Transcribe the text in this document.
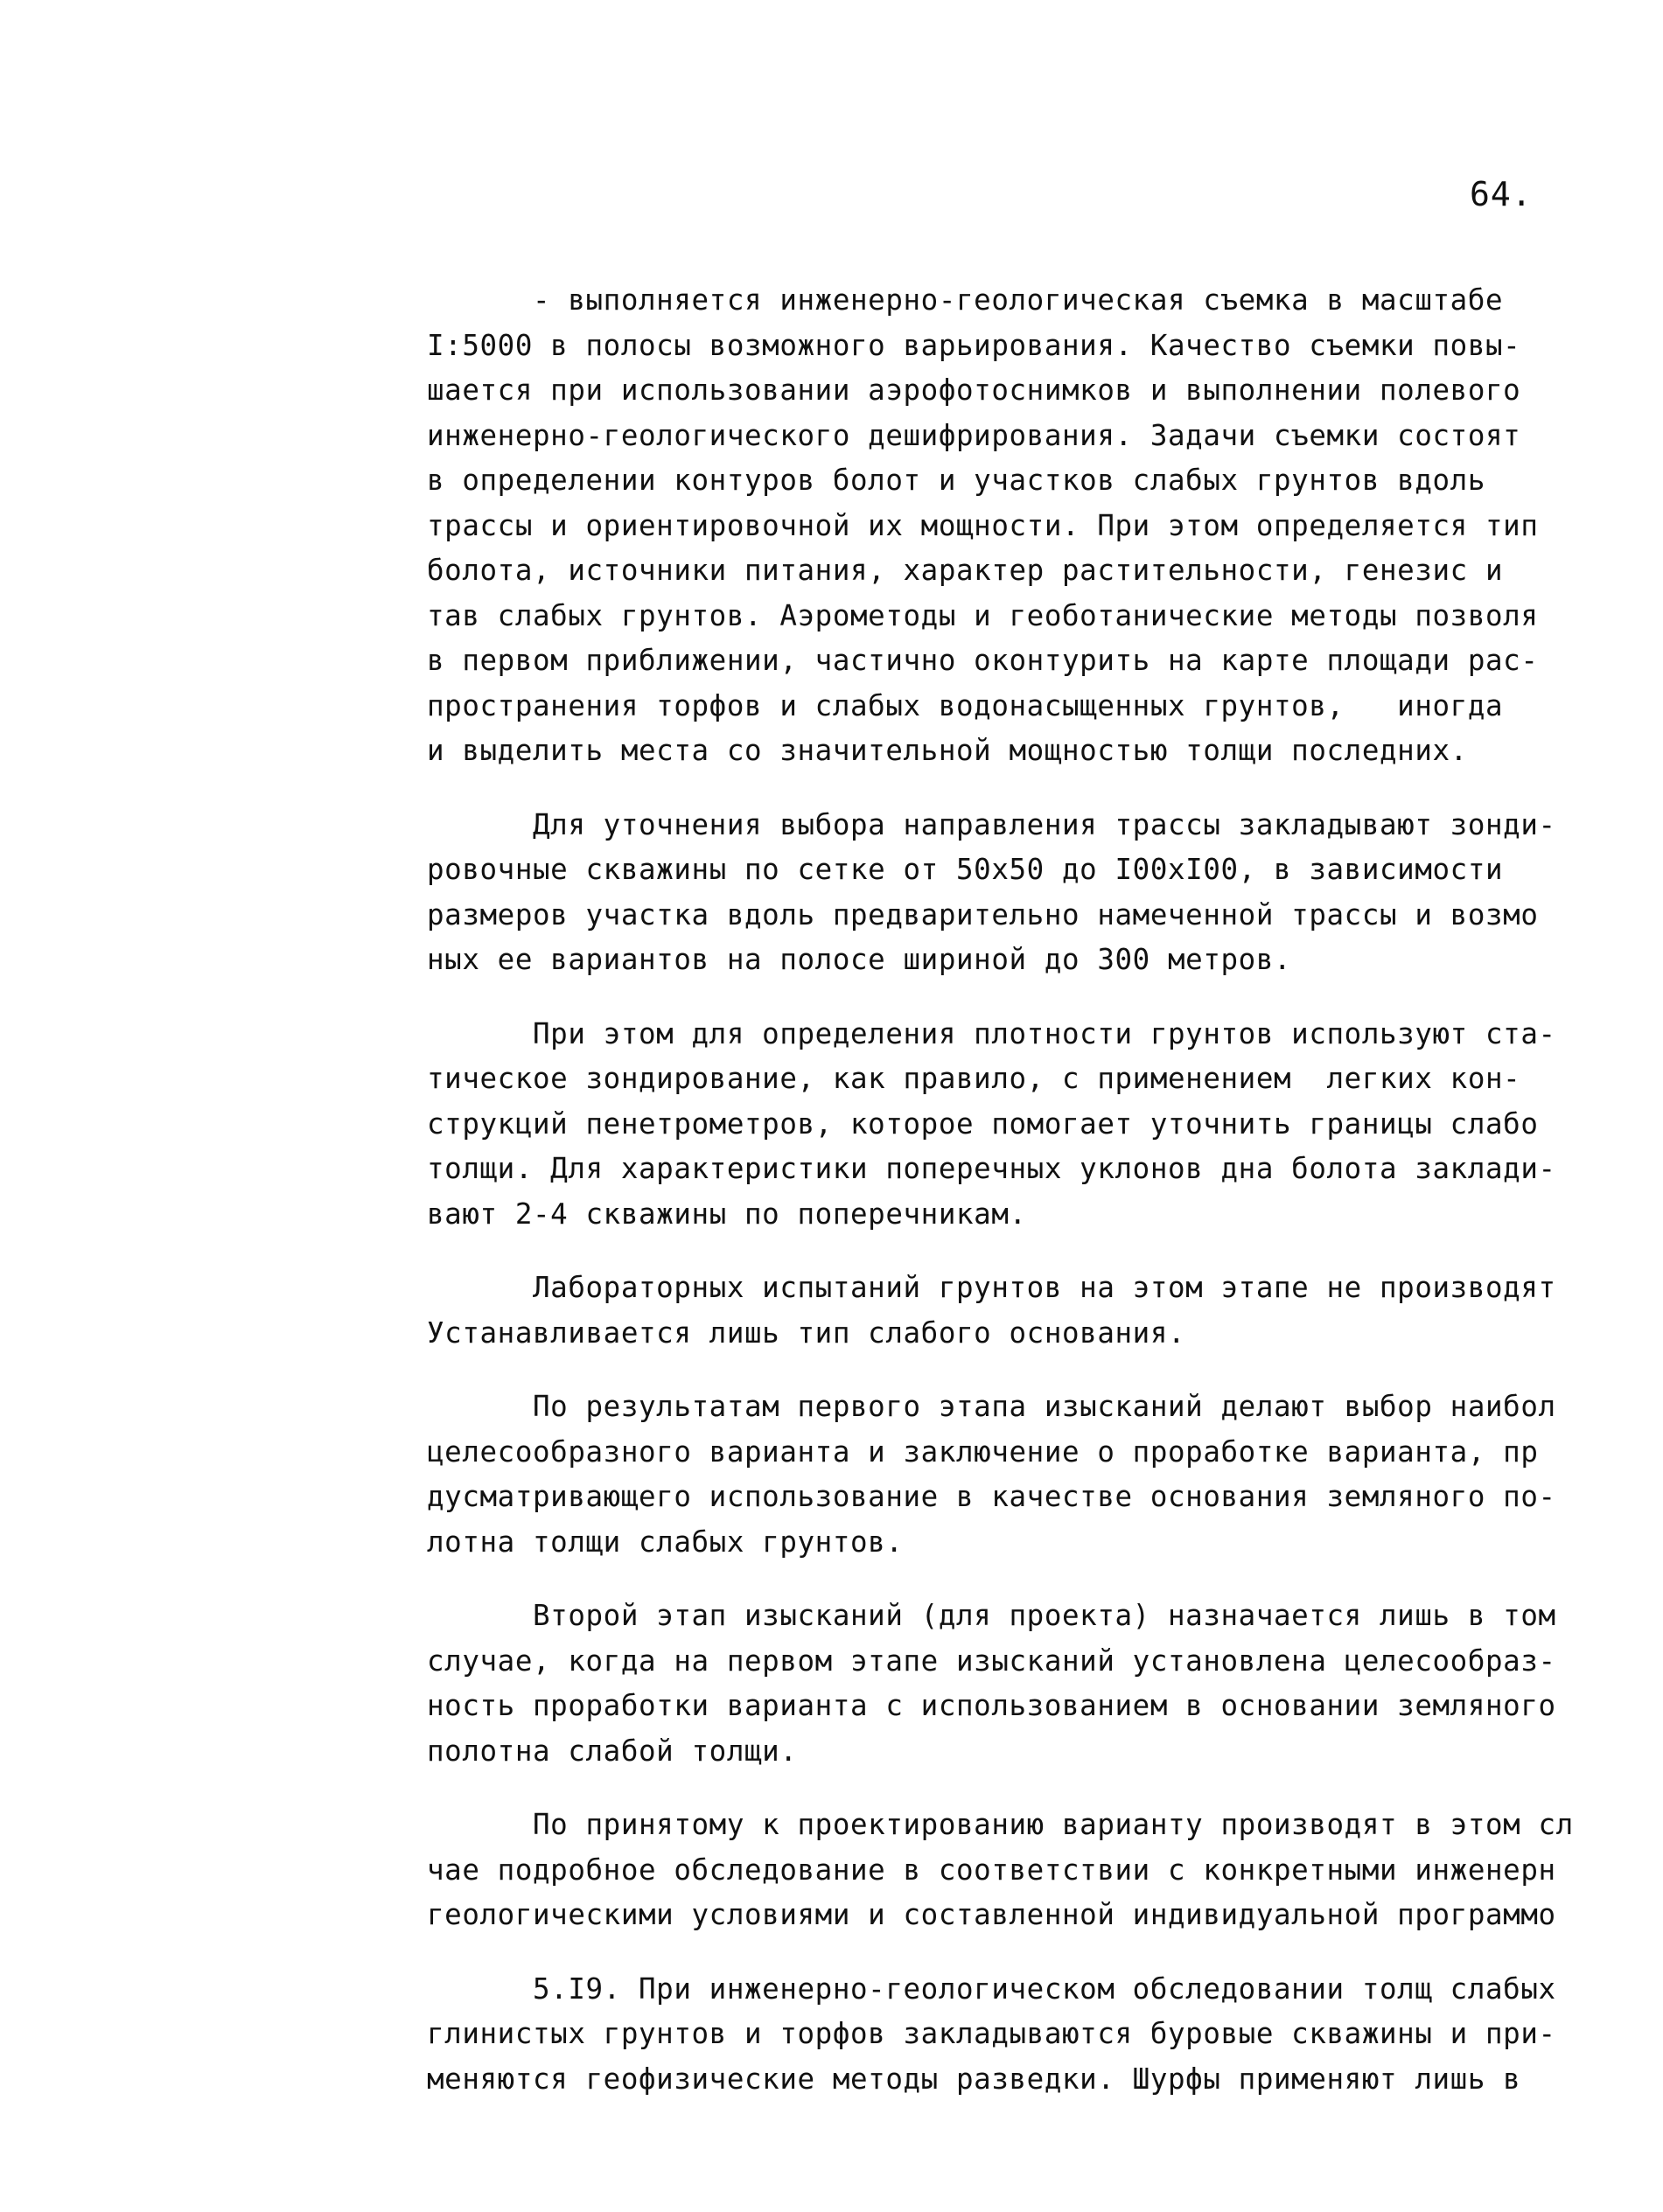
64.
- выполняется инженерно-геологическая съемка в масштабе
I:5000 в полосы возможного варьирования. Качество съемки повы-
шается при использовании аэрофотоснимков и выполнении полевого
инженерно-геологического дешифрирования. Задачи съемки состоят
в определении контуров болот и участков слабых грунтов вдоль
трассы и ориентировочной их мощности. При этом определяется тип
болота, источники питания, характер растительности, генезис и
тав слабых грунтов. Аэрометоды и геоботанические методы позволя
в первом приближении, частично оконтурить на карте площади рас-
пространения торфов и слабых водонасыщенных грунтов,   иногда
и выделить места со значительной мощностью толщи последних.
Для уточнения выбора направления трассы закладывают зонди-
ровочные скважины по сетке от 50х50 до I00хI00, в зависимости
размеров участка вдоль предварительно намеченной трассы и возмо
ных ее вариантов на полосе шириной до 300 метров.
При этом для определения плотности грунтов используют ста-
тическое зондирование, как правило, с применением  легких кон-
струкций пенетрометров, которое помогает уточнить границы слабо
толщи. Для характеристики поперечных уклонов дна болота заклади-
вают 2-4 скважины по поперечникам.
Лабораторных испытаний грунтов на этом этапе не производят
Устанавливается лишь тип слабого основания.
По результатам первого этапа изысканий делают выбор наибол
целесообразного варианта и заключение о проработке варианта, пр
дусматривающего использование в качестве основания земляного по-
лотна толщи слабых грунтов.
Второй этап изысканий (для проекта) назначается лишь в том
случае, когда на первом этапе изысканий установлена целесообраз-
ность проработки варианта с использованием в основании земляного
полотна слабой толщи.
По принятому к проектированию варианту производят в этом сл
чае подробное обследование в соответствии с конкретными инженерн
геологическими условиями и составленной индивидуальной программо
5.I9. При инженерно-геологическом обследовании толщ слабых
глинистых грунтов и торфов закладываются буровые скважины и при-
меняются геофизические методы разведки. Шурфы применяют лишь в
